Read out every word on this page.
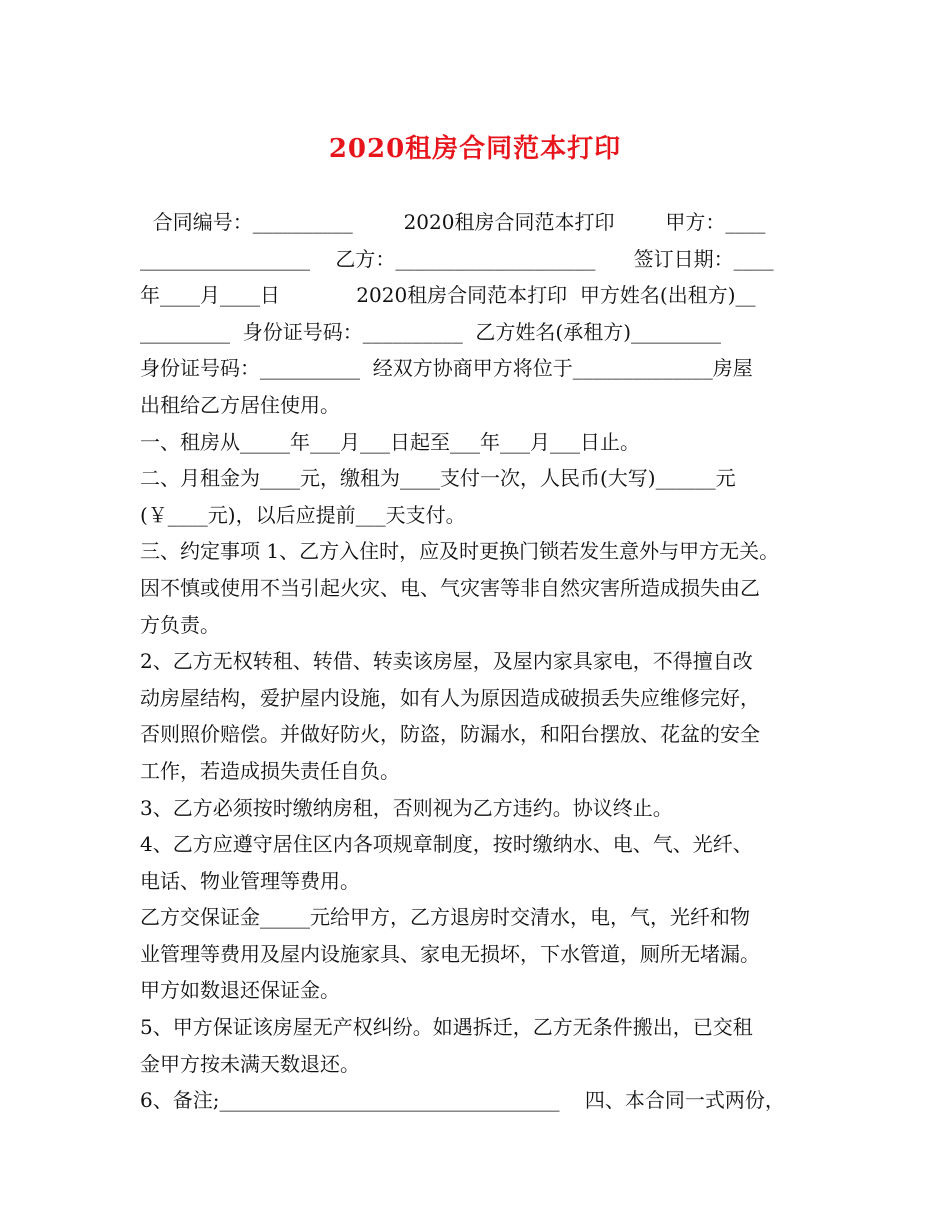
2020租房合同范本打印
合同编号：__________        2020租房合同范本打印        甲方：____
_________________    乙方：____________________      签订日期：____
年____月____日            2020租房合同范本打印  甲方姓名(出租方)__
_________  身份证号码：__________  乙方姓名(承租方)_________
身份证号码：__________  经双方协商甲方将位于______________房屋
出租给乙方居住使用。
一、租房从_____年___月___日起至___年___月___日止。
二、月租金为____元，缴租为____支付一次，人民币(大写)______元
(￥____元)，以后应提前___天支付。
三、约定事项 1、乙方入住时，应及时更换门锁若发生意外与甲方无关。
因不慎或使用不当引起火灾、电、气灾害等非自然灾害所造成损失由乙
方负责。
2、乙方无权转租、转借、转卖该房屋，及屋内家具家电，不得擅自改
动房屋结构，爱护屋内设施，如有人为原因造成破损丢失应维修完好，
否则照价赔偿。并做好防火，防盗，防漏水，和阳台摆放、花盆的安全
工作，若造成损失责任自负。
3、乙方必须按时缴纳房租，否则视为乙方违约。协议终止。
4、乙方应遵守居住区内各项规章制度，按时缴纳水、电、气、光纤、
电话、物业管理等费用。
乙方交保证金_____元给甲方，乙方退房时交清水，电，气，光纤和物
业管理等费用及屋内设施家具、家电无损坏，下水管道，厕所无堵漏。
甲方如数退还保证金。
5、甲方保证该房屋无产权纠纷。如遇拆迁，乙方无条件搬出，已交租
金甲方按未满天数退还。
6、备注;__________________________________    四、本合同一式两份，
